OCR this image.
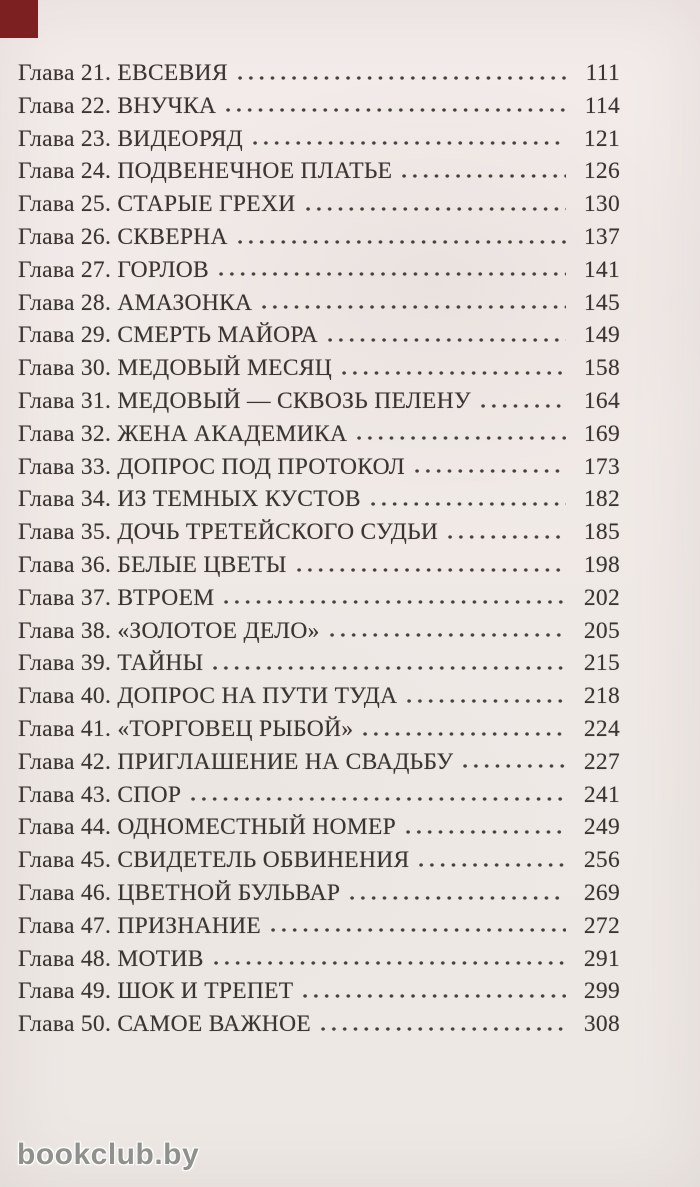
···· ——— ····
Глава 21. ЕВСЕВИЯ	111
Глава 22. ВНУЧКА	114
Глава 23. ВИДЕОРЯД	121
Глава 24. ПОДВЕНЕЧНОЕ ПЛАТЬЕ	126
Глава 25. СТАРЫЕ ГРЕХИ	130
Глава 26. СКВЕРНА	137
Глава 27. ГОРЛОВ	141
Глава 28. АМАЗОНКА	145
Глава 29. СМЕРТЬ МАЙОРА	149
Глава 30. МЕДОВЫЙ МЕСЯЦ	158
Глава 31. МЕДОВЫЙ — СКВОЗЬ ПЕЛЕНУ	164
Глава 32. ЖЕНА АКАДЕМИКА	169
Глава 33. ДОПРОС ПОД ПРОТОКОЛ	173
Глава 34. ИЗ ТЕМНЫХ КУСТОВ	182
Глава 35. ДОЧЬ ТРЕТЕЙСКОГО СУДЬИ	185
Глава 36. БЕЛЫЕ ЦВЕТЫ	198
Глава 37. ВТРОЕМ	202
Глава 38. «ЗОЛОТОЕ ДЕЛО»	205
Глава 39. ТАЙНЫ	215
Глава 40. ДОПРОС НА ПУТИ ТУДА	218
Глава 41. «ТОРГОВЕЦ РЫБОЙ»	224
Глава 42. ПРИГЛАШЕНИЕ НА СВАДЬБУ	227
Глава 43. СПОР	241
Глава 44. ОДНОМЕСТНЫЙ НОМЕР	249
Глава 45. СВИДЕТЕЛЬ ОБВИНЕНИЯ	256
Глава 46. ЦВЕТНОЙ БУЛЬВАР	269
Глава 47. ПРИЗНАНИЕ	272
Глава 48. МОТИВ	291
Глава 49. ШОК И ТРЕПЕТ	299
Глава 50. САМОЕ ВАЖНОЕ	308
bookclub.by
